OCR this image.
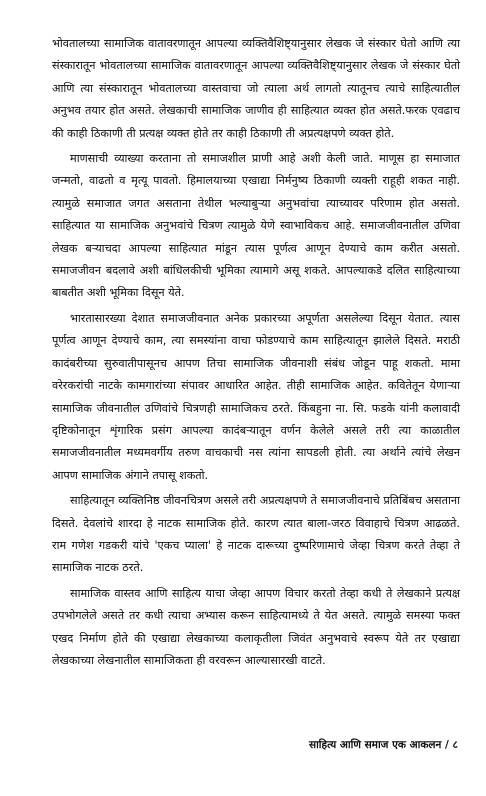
भोवतालच्या सामाजिक वातावरणातून आपल्या व्यक्तिवैशिष्ट्यानुसार लेखक जे संस्कार घेतो आणि त्या संस्कारातून भोवतालच्या सामाजिक वातावरणातून आपल्या व्यक्तिवैशिष्ट्यानुसार लेखक जे संस्कार घेतो आणि त्या संस्कारातून भोवतालच्या वास्तवाचा जो त्याला अर्थ लागतो त्यातूनच त्याचे साहित्यातील अनुभव तयार होत असते. लेखकाची सामाजिक जाणीव ही साहित्यात व्यक्त होत असते.फरक एवढाच की काही ठिकाणी ती प्रत्यक्ष व्यक्त होते तर काही ठिकाणी ती अप्रत्यक्षपणे व्यक्त होते.

माणसाची व्याख्या करताना तो समाजशील प्राणी आहे अशी केली जाते. माणूस हा समाजात जन्मतो, वाढतो व मृत्यू पावतो. हिमालयाच्या एखाद्या निर्मनुष्य ठिकाणी व्यक्ती राहूही शकत नाही. त्यामुळे समाजात जगत असताना तेथील भल्याबुऱ्या अनुभवांचा त्याच्यावर परिणाम होत असतो. साहित्यात या सामाजिक अनुभवांचे चित्रण त्यामुळे येणे स्वाभाविकच आहे. समाजजीवनातील उणिवा लेखक बऱ्याचदा आपल्या साहित्यात मांडून त्यास पूर्णत्व आणून देण्याचे काम करीत असतो. समाजजीवन बदलावे अशी बांधिलकीची भूमिका त्यामागे असू शकते. आपल्याकडे दलित साहित्याच्या बाबतीत अशी भूमिका दिसून येते.

भारतासारख्या देशात समाजजीवनात अनेक प्रकारच्या अपूर्णता असलेल्या दिसून येतात. त्यास पूर्णत्व आणून देण्याचे काम, त्या समस्यांना वाचा फोडण्याचे काम साहित्यातून झालेले दिसते. मराठी कादंबरीच्या सुरुवातीपासूनच आपण तिचा सामाजिक जीवनाशी संबंध जोडून पाहू शकतो. मामा वरेरकरांची नाटके कामगारांच्या संपावर आधारित आहेत. तीही सामाजिक आहेत. कवितेतून येणाऱ्या सामाजिक जीवनातील उणिवांचे चित्रणही सामाजिकच ठरते. किंबहुना ना. सि. फडके यांनी कलावादी दृष्टिकोनातून शृंगारिक प्रसंग आपल्या कादंबऱ्यातून वर्णन केलेले असले तरी त्या काळातील समाजजीवनातील मध्यमवर्गीय तरुण वाचकाची नस त्यांना सापडली होती. त्या अर्थाने त्यांचे लेखन आपण सामाजिक अंगाने तपासू शकतो.

साहित्यातून व्यक्तिनिष्ठ जीवनचित्रण असले तरी अप्रत्यक्षपणे ते समाजजीवनाचे प्रतिबिंबच असताना दिसते. देवलांचे शारदा हे नाटक सामाजिक होते. कारण त्यात बाला-जरठ विवाहाचे चित्रण आढळते. राम गणेश गडकरी यांचे 'एकच प्याला' हे नाटक दारूच्या दुष्परिणामाचे जेव्हा चित्रण करते तेव्हा ते सामाजिक नाटक ठरते.

सामाजिक वास्तव आणि साहित्य याचा जेव्हा आपण विचार करतो तेव्हा कधी ते लेखकाने प्रत्यक्ष उपभोगलेले असते तर कधी त्याचा अभ्यास करून साहित्यामध्ये ते येत असते. त्यामुळे समस्या फक्त एखद निर्माण होते की एखाद्या लेखकाच्या कलाकृतीला जिवंत अनुभवाचे स्वरूप येते तर एखाद्या लेखकाच्या लेखनातील सामाजिकता ही वरवरून आल्यासारखी वाटते.

साहित्य आणि समाज एक आकलन / ८
